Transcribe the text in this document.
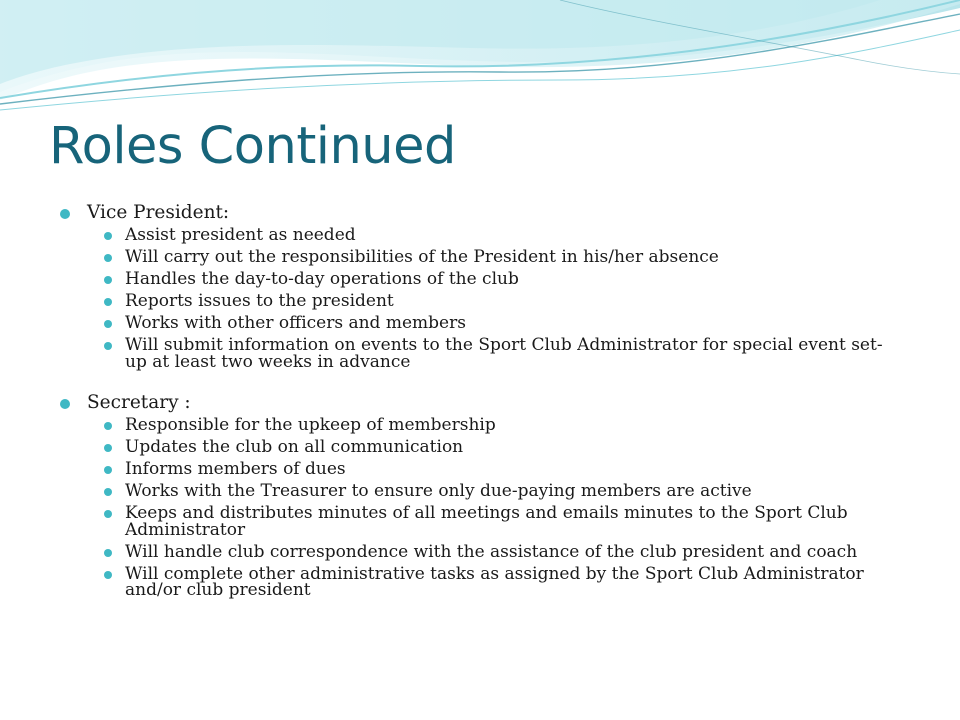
Roles Continued
Vice President:
Assist president as needed
Will carry out the responsibilities of the President in his/her absence
Handles the day-to-day operations of the club
Reports issues to the president
Works with other officers and members
Will submit information on events to the Sport Club Administrator for special event set-up at least two weeks in advance
Secretary :
Responsible for the upkeep of membership
Updates the club on all communication
Informs members of dues
Works with the Treasurer to ensure only due-paying members are active
Keeps and distributes minutes of all meetings and emails minutes to the Sport Club Administrator
Will handle club correspondence with the assistance of the club president and coach
Will complete other administrative tasks as assigned by the Sport Club Administrator and/or club president
